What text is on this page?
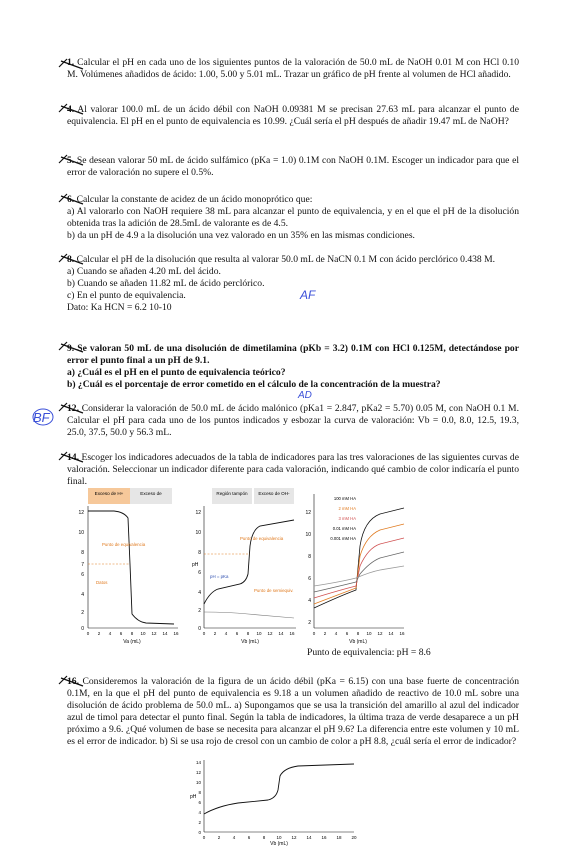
1. Calcular el pH en cada uno de los siguientes puntos de la valoración de 50.0 mL de NaOH 0.01 M con HCl 0.10 M. Volúmenes añadidos de ácido: 1.00, 5.00 y 5.01 mL. Trazar un gráfico de pH frente al volumen de HCl añadido.

4. Al valorar 100.0 mL de un ácido débil con NaOH 0.09381 M se precisan 27.63 mL para alcanzar el punto de equivalencia. El pH en el punto de equivalencia es 10.99. ¿Cuál sería el pH después de añadir 19.47 mL de NaOH?

5. Se desean valorar 50 mL de ácido sulfámico (pKa = 1.0) 0.1M con NaOH 0.1M. Escoger un indicador para que el error de valoración no supere el 0.5%.

6. Calcular la constante de acidez de un ácido monoprótico que:

a) Al valorarlo con NaOH requiere 38 mL para alcanzar el punto de equivalencia, y en el que el pH de la disolución obtenida tras la adición de 28.5mL de valorante es de 4.5.

b) da un pH de 4.9 a la disolución una vez valorado en un 35% en las mismas condiciones.

8. Calcular el pH de la disolución que resulta al valorar 50.0 mL de NaCN 0.1 M con ácido perclórico 0.438 M.

a) Cuando se añaden 4.20 mL del ácido.

b) Cuando se añaden 11.82 mL de ácido perclórico.

c) En el punto de equivalencia.

Dato: Ka HCN = 6.2 10-10

AF

9. Se valoran 50 mL de una disolución de dimetilamina (pKb = 3.2) 0.1M con HCl 0.125M, detectándose por error el punto final a un pH de 9.1.

a) ¿Cuál es el pH en el punto de equivalencia teórico?

b) ¿Cuál es el porcentaje de error cometido en el cálculo de la concentración de la muestra?

AD
BF

12. Considerar la valoración de 50.0 mL de ácido malónico (pKa1 = 2.847, pKa2 = 5.70) 0.05 M, con NaOH 0.1 M. Calcular el pH para cada uno de los puntos indicados y esbozar la curva de valoración: Vb = 0.0, 8.0, 12.5, 19.3, 25.0, 37.5, 50.0 y 56.3 mL.

14. Escoger los indicadores adecuados de la tabla de indicadores para las tres valoraciones de las siguientes curvas de valoración. Seleccionar un indicador diferente para cada valoración, indicando qué cambio de color indicaría el punto final.

Exceso de H+	Exceso de
12
10
8
7
6
4
2
0
0 2 4 6 8 10 12 14 16
Va (mL)
Punto de equivalencia
Datos
Región tampón Exceso de OH-
pH
12
10
8
6
4
2
0
0 2 4 6 8 10 12 14 16
Vb (mL)
Punto de equivalencia
Punto de semiequiv.
pH = pKa
12
10
8
6
4
2
0 2 4 6 8 10 12 14 16
Vb (mL)
100 mM HA
2 mM HA
3 mM HA
0.01 mM HA
0.001 mM HA
Punto de equivalencia: pH = 8.6

16. Consideremos la valoración de la figura de un ácido débil (pKa = 6.15) con una base fuerte de concentración 0.1M, en la que el pH del punto de equivalencia es 9.18 a un volumen añadido de reactivo de 10.0 mL sobre una disolución de ácido problema de 50.0 mL. a) Supongamos que se usa la transición del amarillo al azul del indicador azul de timol para detectar el punto final. Según la tabla de indicadores, la última traza de verde desaparece a un pH próximo a 9.6. ¿Qué volumen de base se necesita para alcanzar el pH 9.6? La diferencia entre este volumen y 10 mL es el error de indicador. b) Si se usa rojo de cresol con un cambio de color a pH 8.8, ¿cuál sería el error de indicador?

pH
14
12
10
8
6
4
2
0
0	2	4	6	8 10 12 14 16 18 20
Vb (mL)
